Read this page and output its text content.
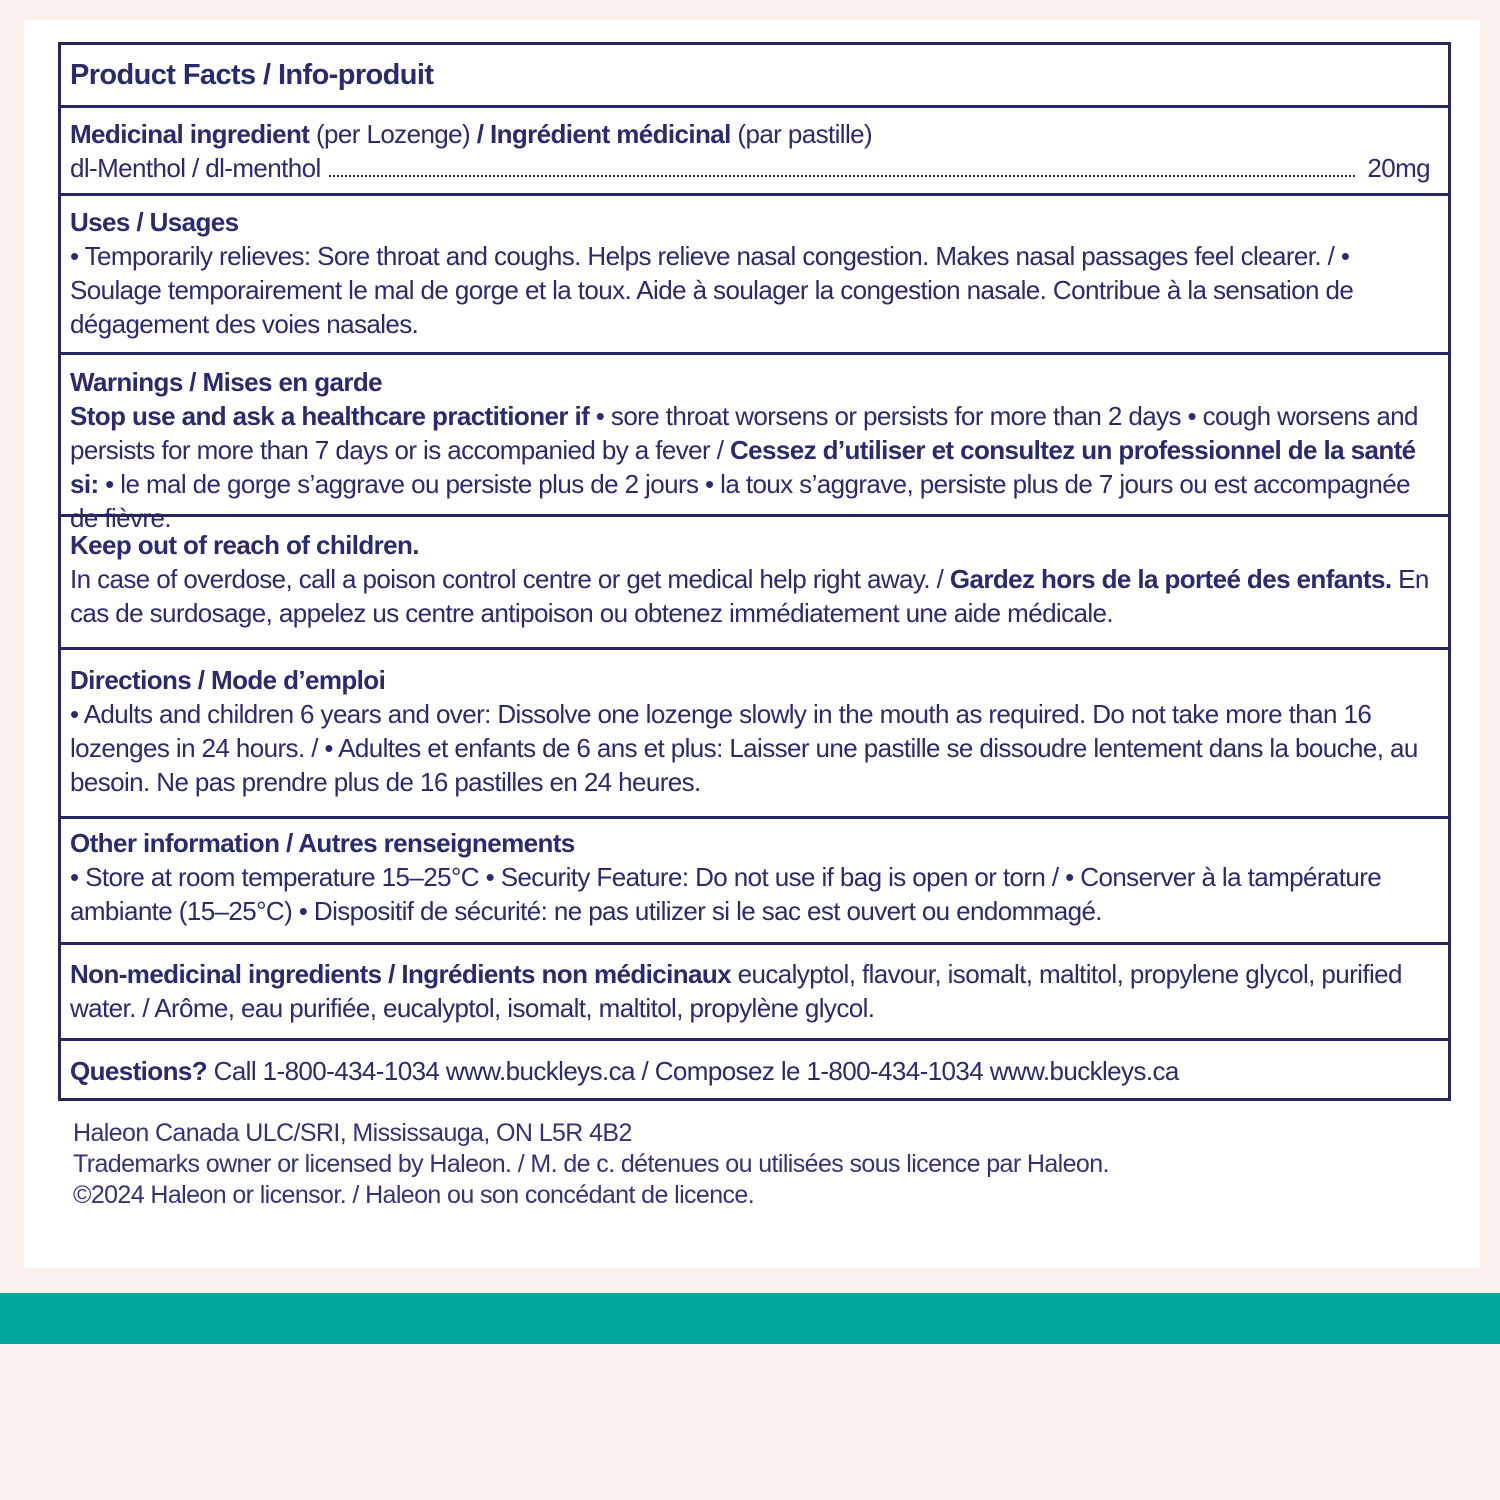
Product Facts / Info-produit
Medicinal ingredient (per Lozenge) / Ingrédient médicinal (par pastille)
dl-Menthol / dl-menthol	20mg
Uses / Usages
• Temporarily relieves: Sore throat and coughs. Helps relieve nasal congestion. Makes nasal passages feel clearer. / • Soulage temporairement le mal de gorge et la toux. Aide à soulager la congestion nasale. Contribue à la sensation de dégagement des voies nasales.
Warnings / Mises en garde
Stop use and ask a healthcare practitioner if • sore throat worsens or persists for more than 2 days • cough worsens and persists for more than 7 days or is accompanied by a fever / Cessez d’utiliser et consultez un professionnel de la santé si: • le mal de gorge s’aggrave ou persiste plus de 2 jours • la toux s’aggrave, persiste plus de 7 jours ou est accompagnée de fièvre.
Keep out of reach of children.
In case of overdose, call a poison control centre or get medical help right away. / Gardez hors de la porteé des enfants. En cas de surdosage, appelez us centre antipoison ou obtenez immédiatement une aide médicale.
Directions / Mode d’emploi
• Adults and children 6 years and over: Dissolve one lozenge slowly in the mouth as required. Do not take more than 16 lozenges in 24 hours. / • Adultes et enfants de 6 ans et plus: Laisser une pastille se dissoudre lentement dans la bouche, au besoin. Ne pas prendre plus de 16 pastilles en 24 heures.
Other information / Autres renseignements
• Store at room temperature 15–25°C • Security Feature: Do not use if bag is open or torn / • Conserver à la tampérature ambiante (15–25°C) • Dispositif de sécurité: ne pas utilizer si le sac est ouvert ou endommagé.
Non-medicinal ingredients / Ingrédients non médicinaux eucalyptol, flavour, isomalt, maltitol, propylene glycol, purified water. / Arôme, eau purifiée, eucalyptol, isomalt, maltitol, propylène glycol.
Questions? Call 1-800-434-1034 www.buckleys.ca / Composez le 1-800-434-1034 www.buckleys.ca
Haleon Canada ULC/SRI, Mississauga, ON L5R 4B2
Trademarks owner or licensed by Haleon. / M. de c. détenues ou utilisées sous licence par Haleon.
©2024 Haleon or licensor. / Haleon ou son concédant de licence.
